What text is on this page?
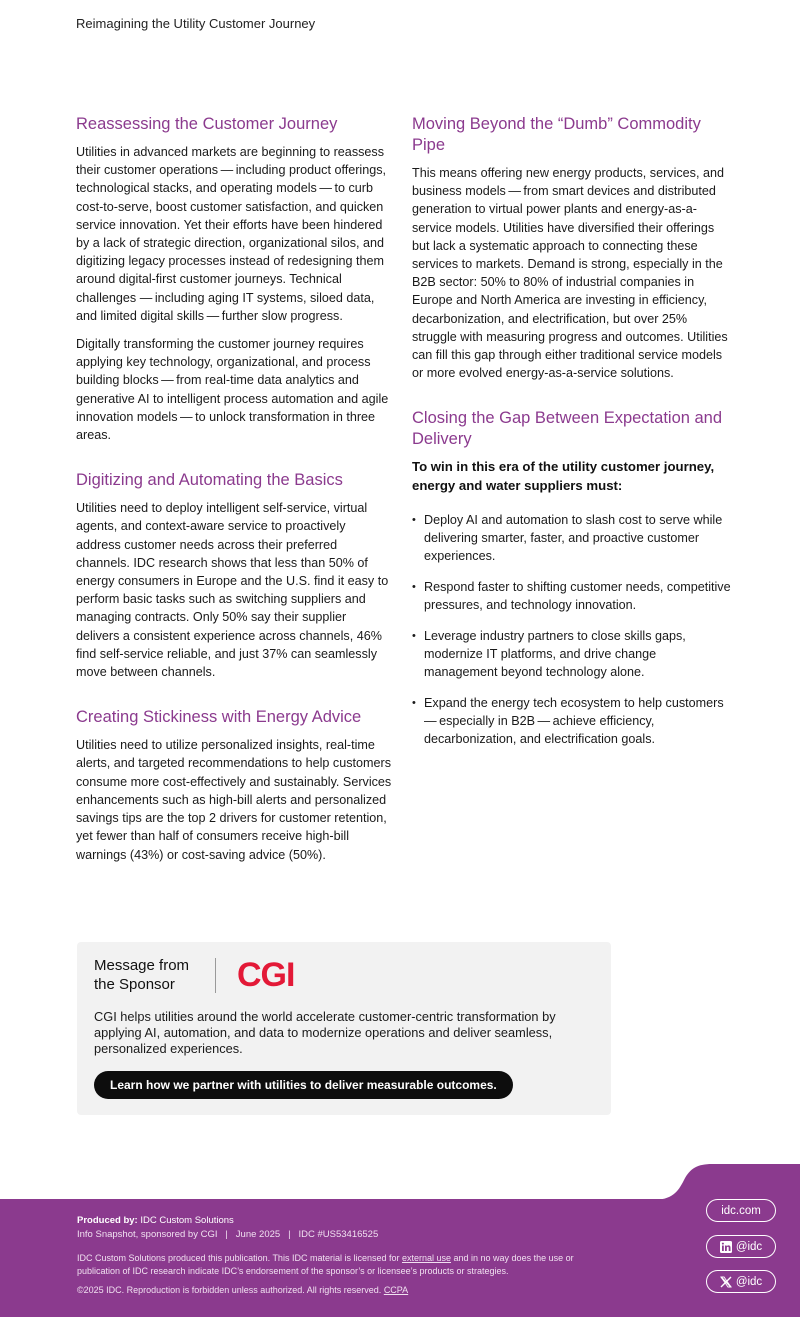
Reimagining the Utility Customer Journey
Reassessing the Customer Journey

Utilities in advanced markets are beginning to reassess their customer operations — including product offerings, technological stacks, and operating models — to curb cost-to-serve, boost customer satisfaction, and quicken service innovation. Yet their efforts have been hindered by a lack of strategic direction, organizational silos, and digitizing legacy processes instead of redesigning them around digital-first customer journeys. Technical challenges — including aging IT systems, siloed data, and limited digital skills — further slow progress.

Digitally transforming the customer journey requires applying key technology, organizational, and process building blocks — from real-time data analytics and generative AI to intelligent process automation and agile innovation models — to unlock transformation in three areas.

Digitizing and Automating the Basics

Utilities need to deploy intelligent self-service, virtual agents, and context-aware service to proactively address customer needs across their preferred channels. IDC research shows that less than 50% of energy consumers in Europe and the U.S. find it easy to perform basic tasks such as switching suppliers and managing contracts. Only 50% say their supplier delivers a consistent experience across channels, 46% find self-service reliable, and just 37% can seamlessly move between channels.

Creating Stickiness with Energy Advice

Utilities need to utilize personalized insights, real-time alerts, and targeted recommendations to help customers consume more cost-effectively and sustainably. Services enhancements such as high-bill alerts and personalized savings tips are the top 2 drivers for customer retention, yet fewer than half of consumers receive high-bill warnings (43%) or cost-saving advice (50%).

Moving Beyond the “Dumb” Commodity Pipe

This means offering new energy products, services, and business models — from smart devices and distributed generation to virtual power plants and energy-as-a-service models. Utilities have diversified their offerings but lack a systematic approach to connecting these services to markets. Demand is strong, especially in the B2B sector: 50% to 80% of industrial companies in Europe and North America are investing in efficiency, decarbonization, and electrification, but over 25% struggle with measuring progress and outcomes. Utilities can fill this gap through either traditional service models or more evolved energy-as-a-service solutions.

Closing the Gap Between Expectation and Delivery

To win in this era of the utility customer journey, energy and water suppliers must:

• Deploy AI and automation to slash cost to serve while delivering smarter, faster, and proactive customer experiences.
• Respond faster to shifting customer needs, competitive pressures, and technology innovation.
• Leverage industry partners to close skills gaps, modernize IT platforms, and drive change management beyond technology alone.
• Expand the energy tech ecosystem to help customers — especially in B2B — achieve efficiency, decarbonization, and electrification goals.
Message from the Sponsor	CGI
CGI helps utilities around the world accelerate customer-centric transformation by applying AI, automation, and data to modernize operations and deliver seamless, personalized experiences.
Learn how we partner with utilities to deliver measurable outcomes.
Produced by: IDC Custom Solutions
Info Snapshot, sponsored by CGI | June 2025 | IDC #US53416525
IDC Custom Solutions produced this publication. This IDC material is licensed for external use and in no way does the use or publication of IDC research indicate IDC’s endorsement of the sponsor’s or licensee’s products or strategies.
©2025 IDC. Reproduction is forbidden unless authorized. All rights reserved. CCPA
idc.com
@idc
@idc
